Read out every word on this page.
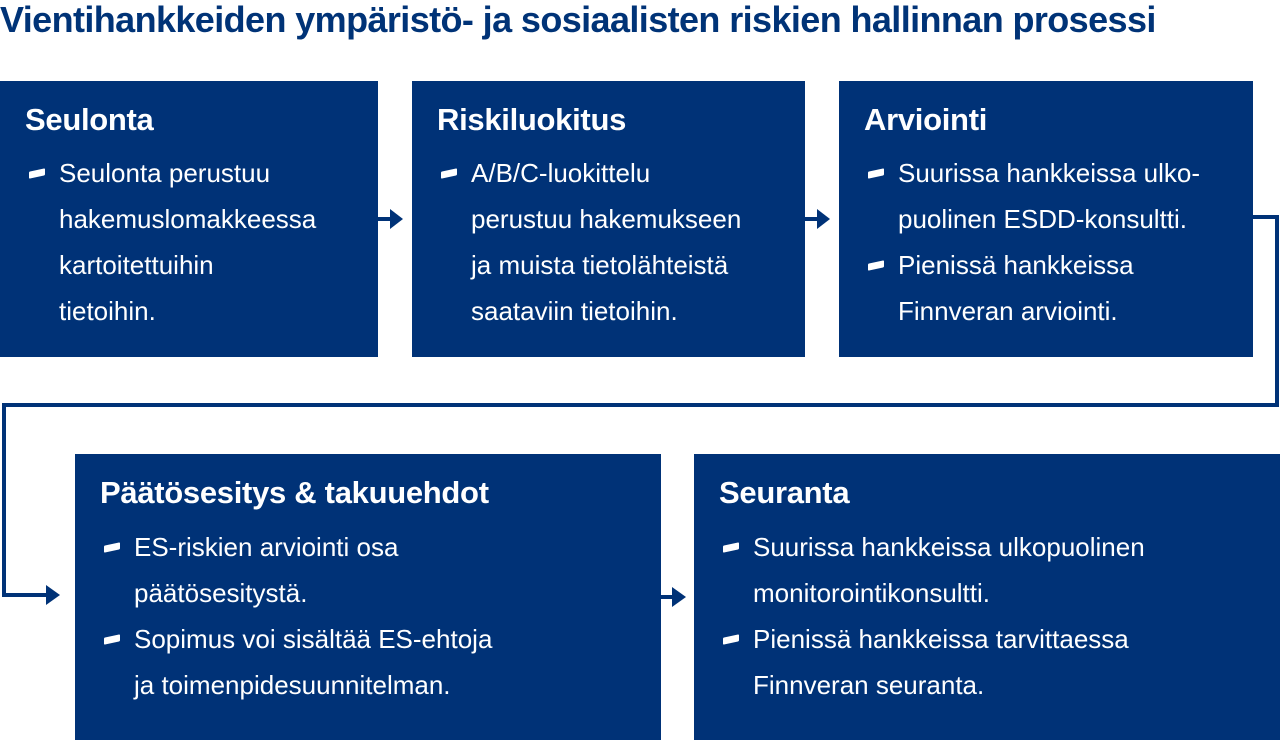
Vientihankkeiden ympäristö- ja sosiaalisten riskien hallinnan prosessi
Seulonta
Seulonta perustuu
hakemuslomakkeessa
kartoitettuihin
tietoihin.
Riskiluokitus
A/B/C-luokittelu
perustuu hakemukseen
ja muista tietolähteistä
saataviin tietoihin.
Arviointi
Suurissa hankkeissa ulko-
puolinen ESDD-konsultti.
Pienissä hankkeissa
Finnveran arviointi.
Päätösesitys & takuuehdot
ES-riskien arviointi osa
päätösesitystä.
Sopimus voi sisältää ES-ehtoja
ja toimenpidesuunnitelman.
Seuranta
Suurissa hankkeissa ulkopuolinen
monitorointikonsultti.
Pienissä hankkeissa tarvittaessa
Finnveran seuranta.
